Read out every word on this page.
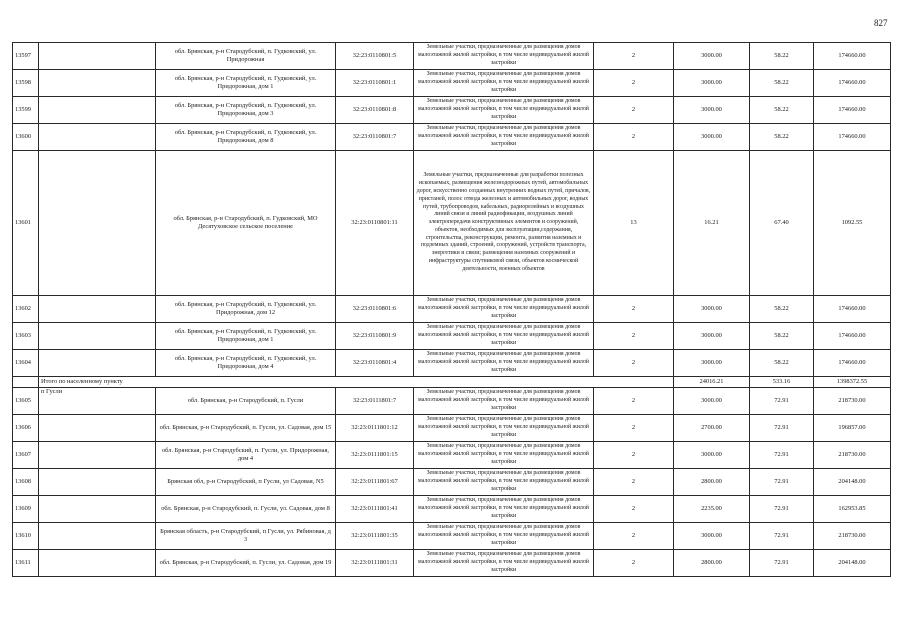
827
13597		обл. Брянская, р-н Стародубский, п. Гудковский, ул. Придорожная	32:23:0110801:5	Земельные участки, предназначенные для размещения домов малоэтажной жилой застройки, в том числе индивидуальной жилой застройки	2	3000.00	58.22	174660.00
13598		обл. Брянская, р-н Стародубский, п. Гудковский, ул. Придорожная, дом 1	32:23:0110801:1	Земельные участки, предназначенные для размещения домов малоэтажной жилой застройки, в том числе индивидуальной жилой застройки	2	3000.00	58.22	174660.00
13599		обл. Брянская, р-н Стародубский, п. Гудковский, ул. Придорожная, дом 3	32:23:0110801:8	Земельные участки, предназначенные для размещения домов малоэтажной жилой застройки, в том числе индивидуальной жилой застройки	2	3000.00	58.22	174660.00
13600		обл. Брянская, р-н Стародубский, п. Гудковский, ул. Придорожная, дом 8	32:23:0110801:7	Земельные участки, предназначенные для размещения домов малоэтажной жилой застройки, в том числе индивидуальной жилой застройки	2	3000.00	58.22	174660.00
13601		обл. Брянская, р-н Стародубский, п. Гудковский, МО Десятуховское сельское поселение	32:23:0110801:11	Земельные участки, предназначенные для разработки полезных ископаемых, размещения железнодорожных путей, автомобильных дорог, искусственно созданных внутренних водных путей, причалов, пристаней, полос отвода железных и автомобильных дорог, водных путей, трубопроводов, кабельных, радиорелейных и воздушных линий связи и линий радиофикации, воздушных линий электропередачи конструктивных элементов и сооружений, объектов, необходимых для эксплуатации,содержания, строительства, реконструкции, ремонта, развития наземных и подземных зданий, строений, сооружений, устройств транспорта, энергетики и связи; размещения наземных сооружений и инфраструктуры спутниковой связи, объектов космической деятельности, военных объектов	13	16.21	67.40	1092.55
13602		обл. Брянская, р-н Стародубский, п. Гудковский, ул. Придорожная, дом 12	32:23:0110801:6	Земельные участки, предназначенные для размещения домов малоэтажной жилой застройки, в том числе индивидуальной жилой застройки	2	3000.00	58.22	174660.00
13603		обл. Брянская, р-н Стародубский, п. Гудковский, ул. Придорожная, дом 1	32:23:0110801:9	Земельные участки, предназначенные для размещения домов малоэтажной жилой застройки, в том числе индивидуальной жилой застройки	2	3000.00	58.22	174660.00
13604		обл. Брянская, р-н Стародубский, п. Гудковский, ул. Придорожная, дом 4	32:23:0110801:4	Земельные участки, предназначенные для размещения домов малоэтажной жилой застройки, в том числе индивидуальной жилой застройки	2	3000.00	58.22	174660.00
	Итого по населенному пункту					24016.21	533.16	1398372.55
13605	п Гусли	обл. Брянская, р-н Стародубский, п. Гусли	32:23:0111801:7	Земельные участки, предназначенные для размещения домов малоэтажной жилой застройки, в том числе индивидуальной жилой застройки	2	3000.00	72.91	218730.00
13606		обл. Брянская, р-н Стародубский, п. Гусли, ул. Садовая, дом 15	32:23:0111801:12	Земельные участки, предназначенные для размещения домов малоэтажной жилой застройки, в том числе индивидуальной жилой застройки	2	2700.00	72.91	196857.00
13607		обл. Брянская, р-н Стародубский, п. Гусли, ул. Придорожная, дом 4	32:23:0111801:15	Земельные участки, предназначенные для размещения домов малоэтажной жилой застройки, в том числе индивидуальной жилой застройки	2	3000.00	72.91	218730.00
13608		Брянская обл, р-н Стародубский, п Гусли, ул Садовая, N5	32:23:0111801:67	Земельные участки, предназначенные для размещения домов малоэтажной жилой застройки, в том числе индивидуальной жилой застройки	2	2800.00	72.91	204148.00
13609		обл. Брянская, р-н Стародубский, п. Гусли, ул. Садовая, дом 8	32:23:0111801:41	Земельные участки, предназначенные для размещения домов малоэтажной жилой застройки, в том числе индивидуальной жилой застройки	2	2235.00	72.91	162953.85
13610		Брянская область, р-н Стародубский, п Гусли, ул. Рябиновая, д 3	32:23:0111801:35	Земельные участки, предназначенные для размещения домов малоэтажной жилой застройки, в том числе индивидуальной жилой застройки	2	3000.00	72.91	218730.00
13611		обл. Брянская, р-н Стародубский, п. Гусли, ул. Садовая, дом 19	32:23:0111801:31	Земельные участки, предназначенные для размещения домов малоэтажной жилой застройки, в том числе индивидуальной жилой застройки	2	2800.00	72.91	204148.00
